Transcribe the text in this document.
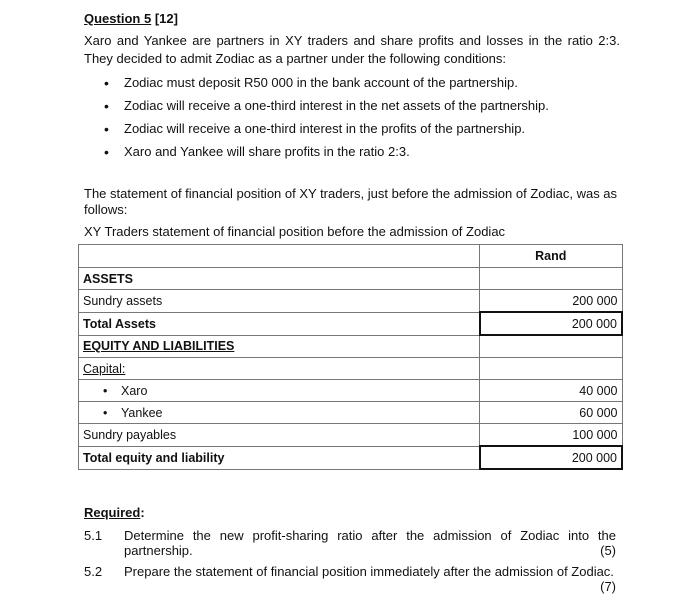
Question 5 [12]
Xaro and Yankee are partners in XY traders and share profits and losses in the ratio 2:3. They decided to admit Zodiac as a partner under the following conditions:
• Zodiac must deposit R50 000 in the bank account of the partnership.
• Zodiac will receive a one-third interest in the net assets of the partnership.
• Zodiac will receive a one-third interest in the profits of the partnership.
• Xaro and Yankee will share profits in the ratio 2:3.
The statement of financial position of XY traders, just before the admission of Zodiac, was as follows:
XY Traders statement of financial position before the admission of Zodiac
	Rand
ASSETS	
Sundry assets	200 000
Total Assets	200 000
EQUITY AND LIABILITIES	
Capital:	
• Xaro	40 000
• Yankee	60 000
Sundry payables	100 000
Total equity and liability	200 000
Required:
5.1 Determine the new profit-sharing ratio after the admission of Zodiac into the partnership.	(5)
5.2 Prepare the statement of financial position immediately after the admission of Zodiac.
(7)
